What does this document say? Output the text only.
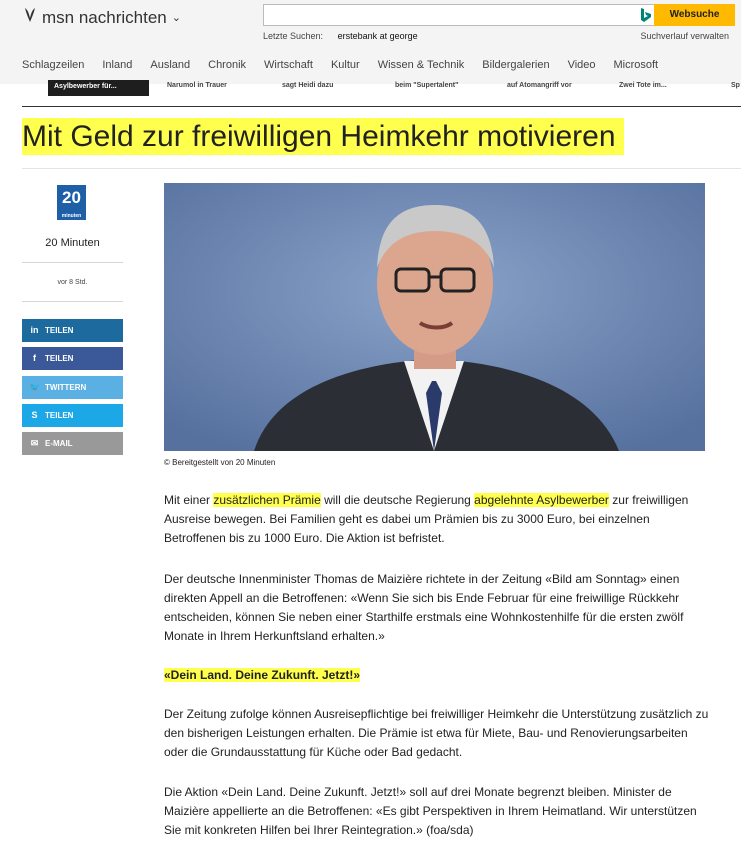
msn nachrichten ⌄	Websuche
Letzte Suchen: erstebank at george	Suchverlauf verwalten
Schlagzeilen Inland Ausland Chronik Wirtschaft Kultur Wissen & Technik Bildergalerien Video Microsoft
Asylbewerber für...	Narumol in Trauer	sagt Heidi dazu	beim "Supertalent"	auf Atomangriff vor	Zwei Tote im...	Sp
Mit Geld zur freiwilligen Heimkehr motivieren
20
minuten
20 Minuten
vor 8 Std.
in TEILEN
f TEILEN
🐦 TWITTERN
S TEILEN
✉ E-MAIL
© Bereitgestellt von 20 Minuten

Mit einer zusätzlichen Prämie will die deutsche Regierung abgelehnte Asylbewerber zur freiwilligen Ausreise bewegen. Bei Familien geht es dabei um Prämien bis zu 3000 Euro, bei einzelnen Betroffenen bis zu 1000 Euro. Die Aktion ist befristet.

Der deutsche Innenminister Thomas de Maizière richtete in der Zeitung «Bild am Sonntag» einen direkten Appell an die Betroffenen: «Wenn Sie sich bis Ende Februar für eine freiwillige Rückkehr entscheiden, können Sie neben einer Starthilfe erstmals eine Wohnkostenhilfe für die ersten zwölf Monate in Ihrem Herkunftsland erhalten.»

«Dein Land. Deine Zukunft. Jetzt!»

Der Zeitung zufolge können Ausreisepflichtige bei freiwilliger Heimkehr die Unterstützung zusätzlich zu den bisherigen Leistungen erhalten. Die Prämie ist etwa für Miete, Bau- und Renovierungsarbeiten oder die Grundausstattung für Küche oder Bad gedacht.

Die Aktion «Dein Land. Deine Zukunft. Jetzt!» soll auf drei Monate begrenzt bleiben. Minister de Maizière appellierte an die Betroffenen: «Es gibt Perspektiven in Ihrem Heimatland. Wir unterstützen Sie mit konkreten Hilfen bei Ihrer Reintegration.» (foa/sda)
